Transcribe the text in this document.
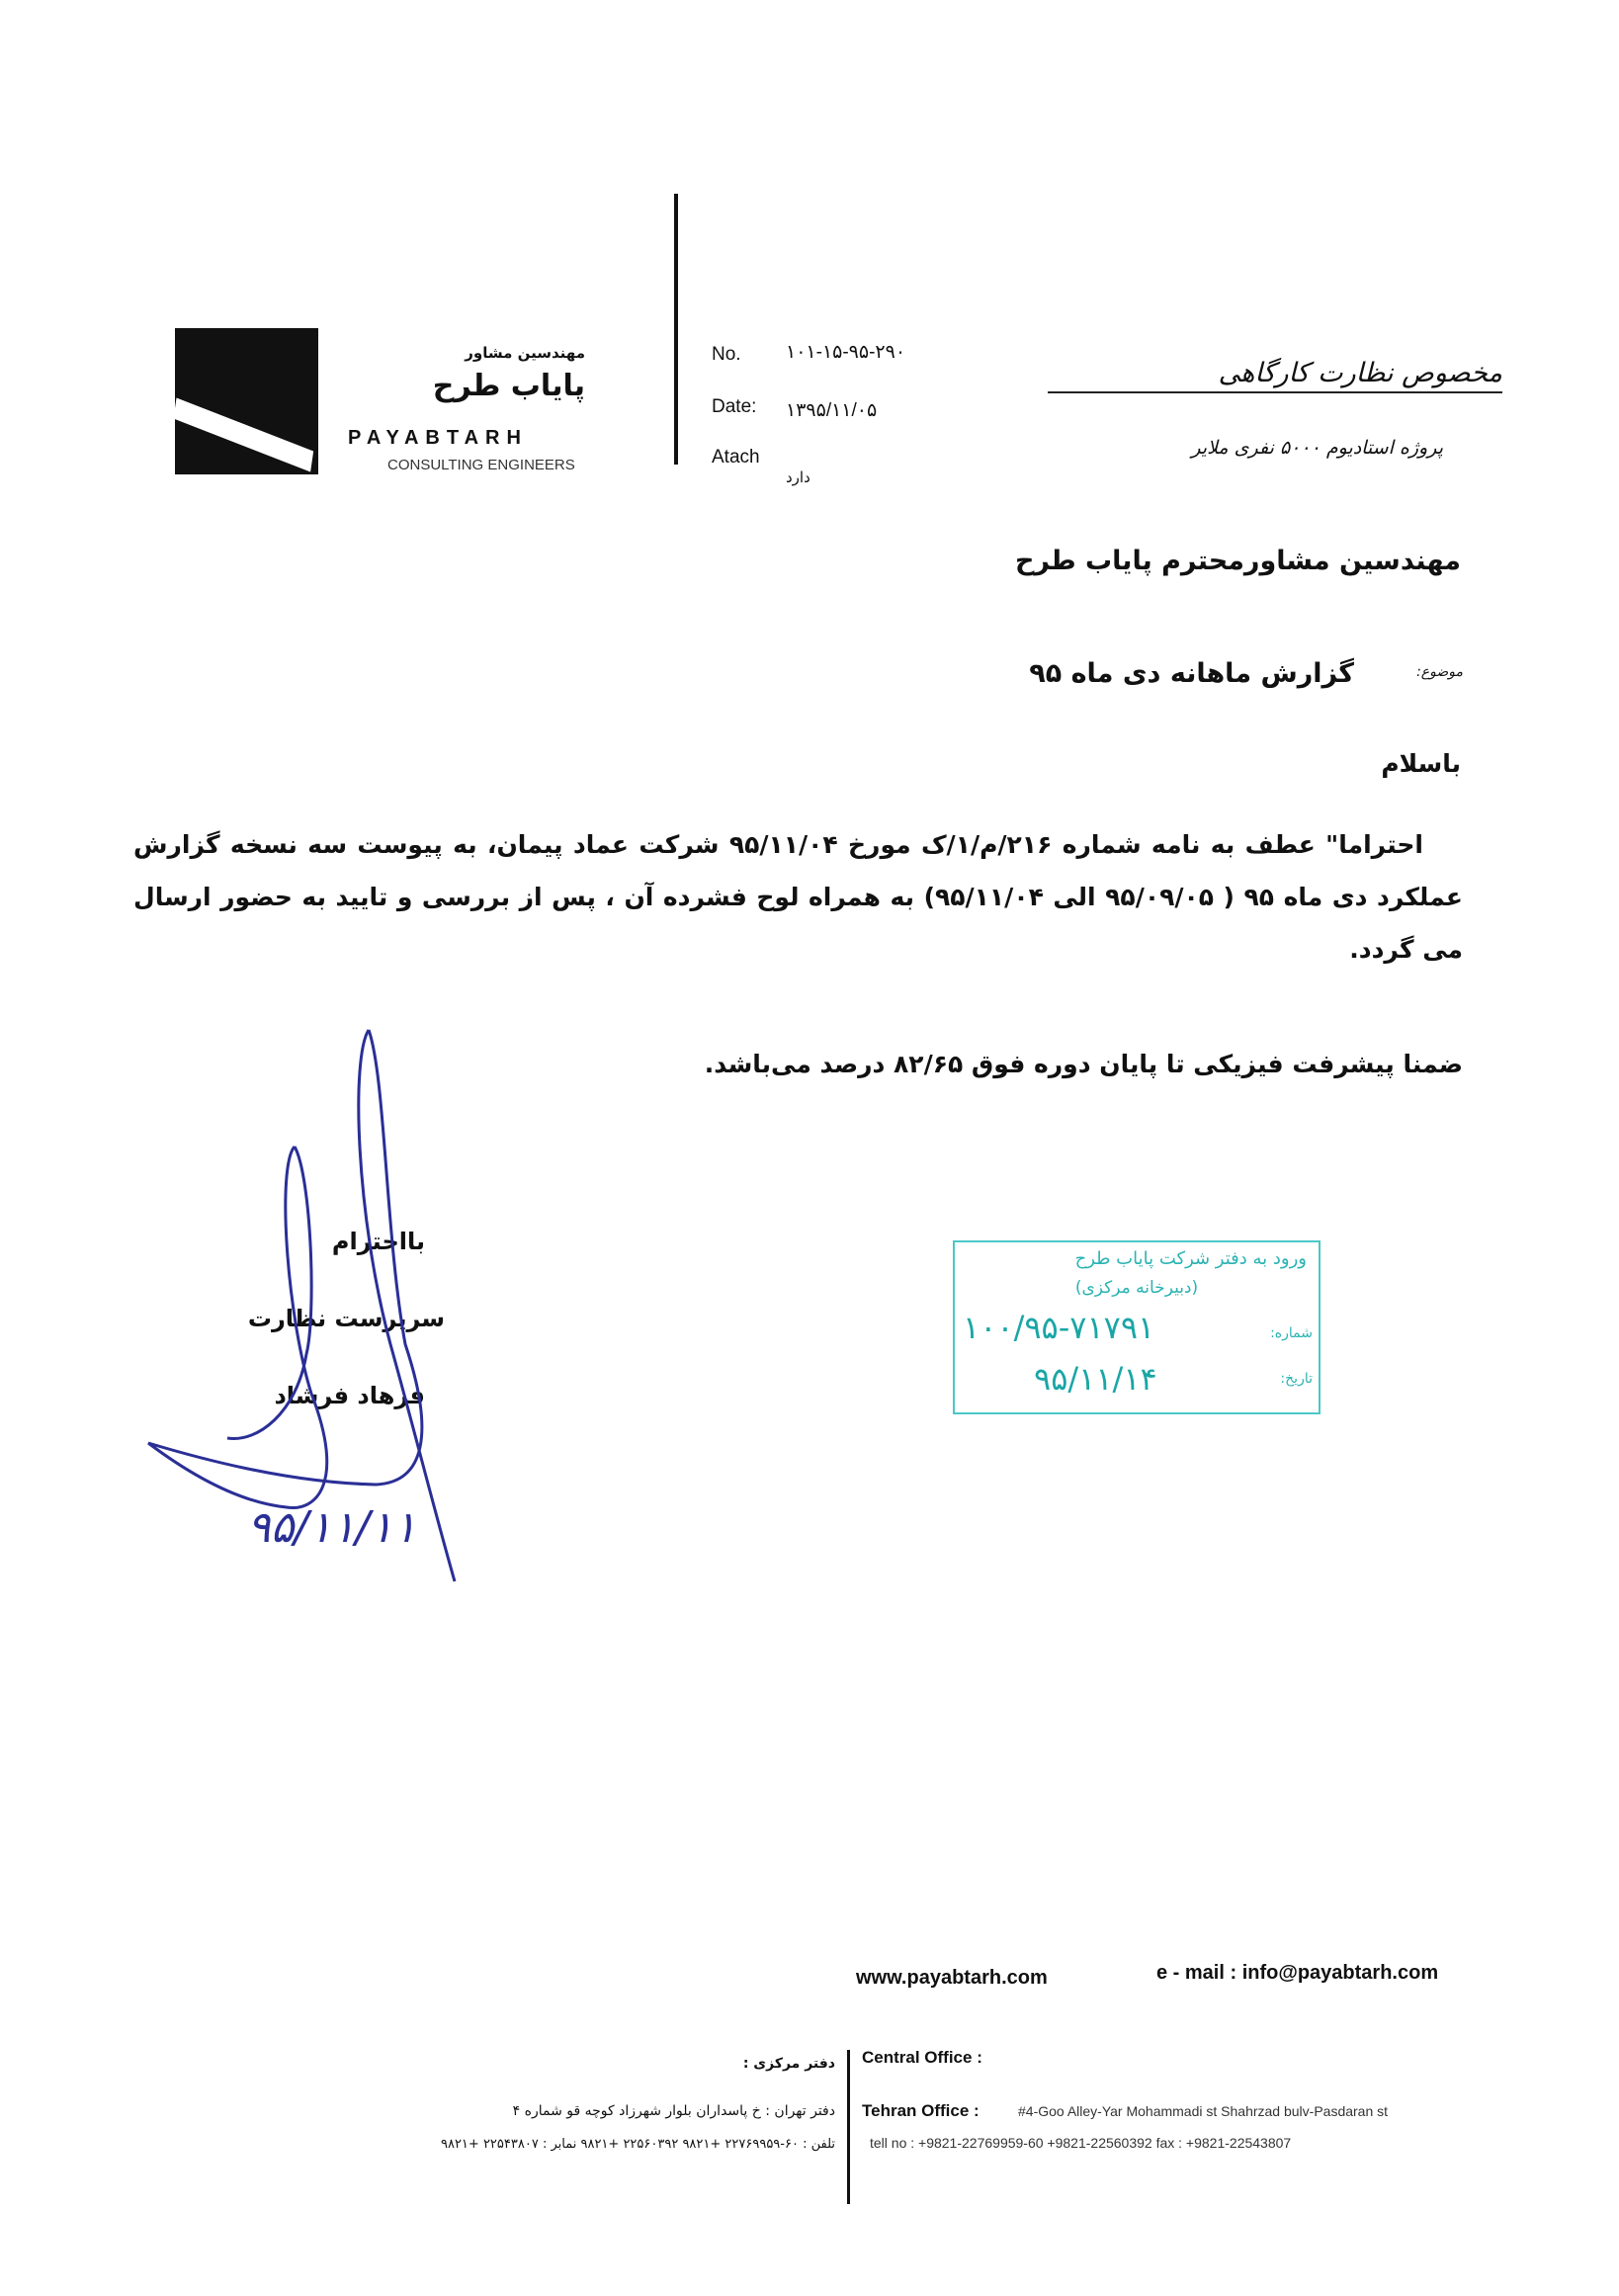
مهندسین مشاور
پایاب طرح
PAYABTARH
CONSULTING ENGINEERS
No. ۱۰۱-۱۵-۹۵-۲۹۰
Date: ۱۳۹۵/۱۱/۰۵
Atach
دارد
مخصوص نظارت کارگاهی
پروژه استادیوم ۵۰۰۰ نفری ملایر
مهندسین مشاورمحترم پایاب طرح
گزارش ماهانه دی ماه ۹۵	موضوع:
باسلام
احتراما" عطف به نامه شماره ۲۱۶/م/۱/ک مورخ ۹۵/۱۱/۰۴ شرکت عماد پیمان، به پیوست سه نسخه گزارش عملکرد دی ماه ۹۵ ( ۹۵/۰۹/۰۵ الی ۹۵/۱۱/۰۴) به همراه لوح فشرده آن ، پس از بررسی و تایید به حضور ارسال می گردد.
ضمنا پیشرفت فیزیکی تا پایان دوره فوق ۸۲/۶۵ درصد می‌باشد.
بااحترام
سرپرست نظارت
فرهاد فرشاد
۹۵/۱۱/۱۱
ورود به دفتر شرکت پایاب طرح
(دبیرخانه مرکزی)
شماره:
۱۰۰/۹۵-۷۱۷۹۱
تاریخ:
۹۵/۱۱/۱۴
www.payabtarh.com	e - mail : info@payabtarh.com
دفتر مرکزی : Central Office :
دفتر تهران : خ پاسداران بلوار شهرزاد کوچه قو شماره ۴
تلفن : ۶۰-۲۲۷۶۹۹۵۹ +۹۸۲۱ ۲۲۵۶۰۳۹۲ +۹۸۲۱ نمابر : ۲۲۵۴۳۸۰۷ +۹۸۲۱
Tehran Office :	#4-Goo Alley-Yar Mohammadi st Shahrzad bulv-Pasdaran st
tell no : +9821-22769959-60 +9821-22560392 fax : +9821-22543807
